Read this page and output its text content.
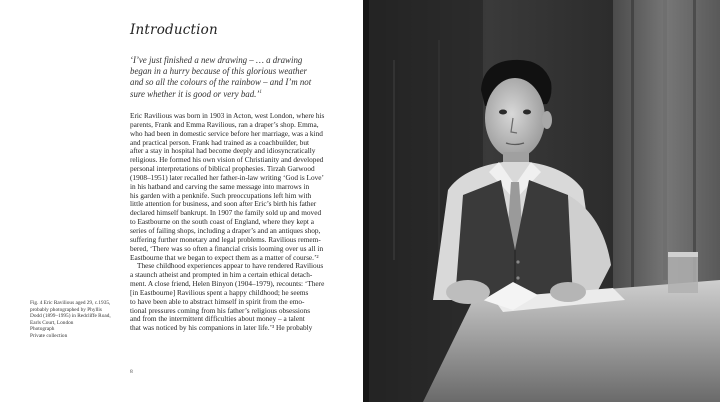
Introduction
‘I’ve just finished a new drawing – … a drawing
began in a hurry because of this glorious weather
and so all the colours of the rainbow – and I’m not
sure whether it is good or very bad.’$^1$
Eric Ravilious was born in 1903 in Acton, west London, where his
parents, Frank and Emma Ravilious, ran a draper’s shop. Emma,
who had been in domestic service before her marriage, was a kind
and practical person. Frank had trained as a coachbuilder, but
after a stay in hospital had become deeply and idiosyncratically
religious. He formed his own vision of Christianity and developed
personal interpretations of biblical prophesies. Tirzah Garwood
(1908–1951) later recalled her father-in-law writing ‘God is Love’
in his hatband and carving the same message into marrows in
his garden with a penknife. Such preoccupations left him with
little attention for business, and soon after Eric’s birth his father
declared himself bankrupt. In 1907 the family sold up and moved
to Eastbourne on the south coast of England, where they kept a
series of failing shops, including a draper’s and an antiques shop,
suffering further monetary and legal problems. Ravilious remem-
bered, ‘There was so often a financial crisis looming over us all in
Eastbourne that we began to expect them as a matter of course.’²
These childhood experiences appear to have rendered Ravilious
a staunch atheist and prompted in him a certain ethical detach-
ment. A close friend, Helen Binyon (1904–1979), recounts: ‘There
[in Eastbourne] Ravilious spent a happy childhood; he seems
to have been able to abstract himself in spirit from the emo-
tional pressures coming from his father’s religious obsessions
and from the intermittent difficulties about money – a talent
that was noticed by his companions in later life.’³ He probably
Fig. 4 Eric Ravilious aged 29, c.1935,
probably photographed by Phyllis
Dodd (1899–1995) in Redcliffe Road,
Earls Court, London
Photograph
Private collection
8
